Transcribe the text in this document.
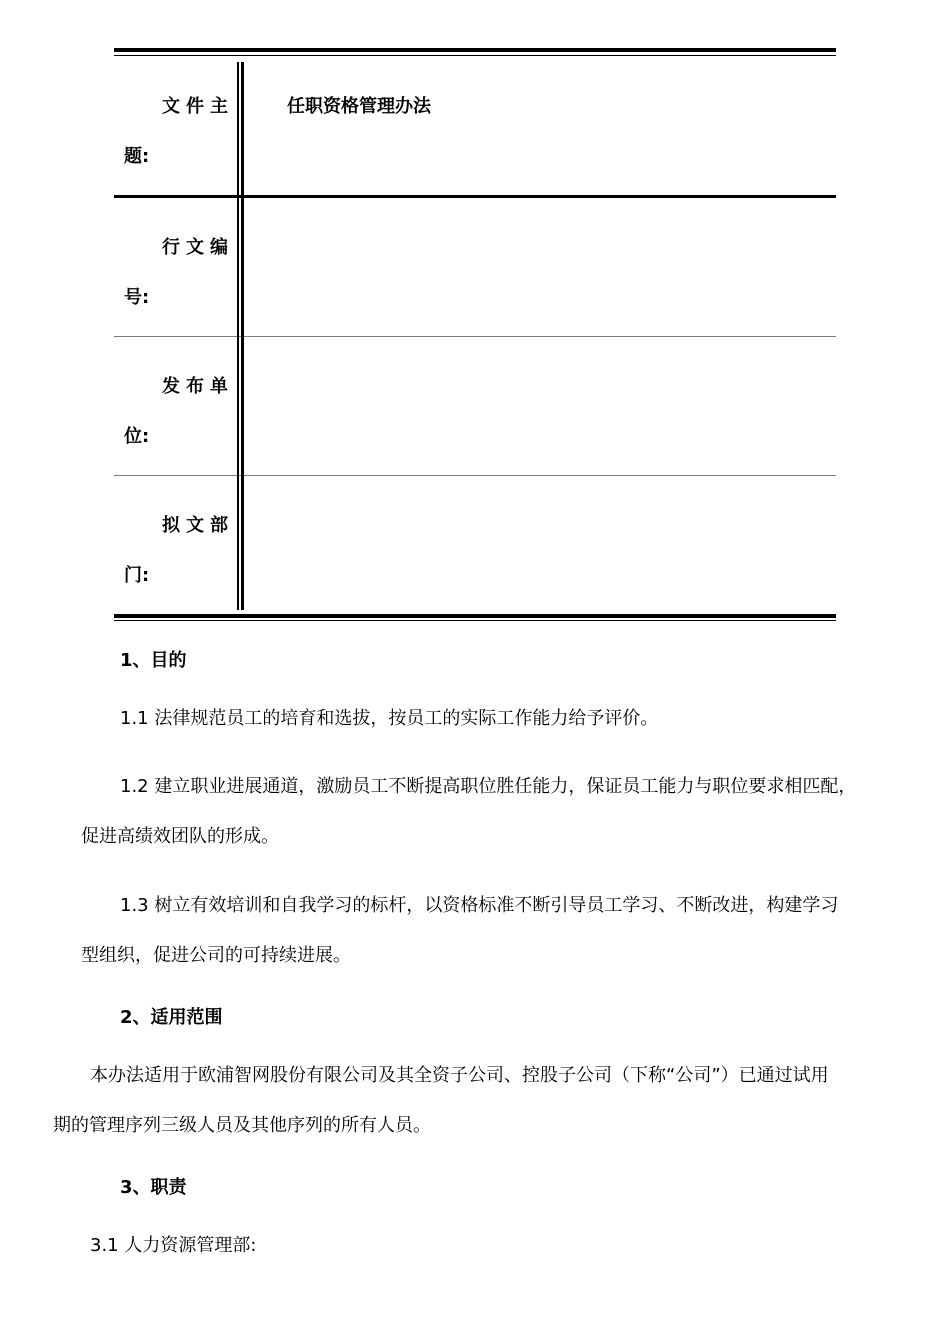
文件主
题:
任职资格管理办法
行文编
号:
发布单
位:
拟文部
门:
1、目的
1.1 法律规范员工的培育和选拔，按员工的实际工作能力给予评价。
1.2 建立职业进展通道，激励员工不断提高职位胜任能力，保证员工能力与职位要求相匹配，
促进高绩效团队的形成。
1.3 树立有效培训和自我学习的标杆，以资格标准不断引导员工学习、不断改进，构建学习
型组织，促进公司的可持续进展。
2、适用范围
本办法适用于欧浦智网股份有限公司及其全资子公司、控股子公司（下称“公司”）已通过试用
期的管理序列三级人员及其他序列的所有人员。
3、职责
3.1 人力资源管理部:
